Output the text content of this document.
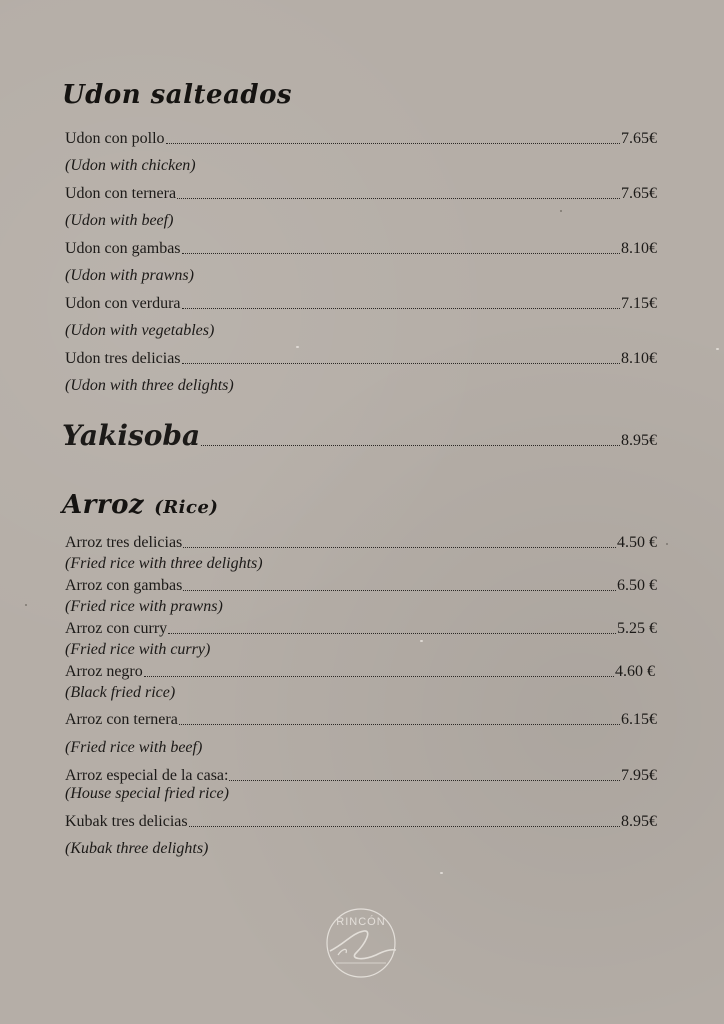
Udon salteados
Udon con pollo	7.65€
(Udon with chicken)
Udon con ternera	7.65€
(Udon with beef)
Udon con gambas	8.10€
(Udon with prawns)
Udon con verdura	7.15€
(Udon with vegetables)
Udon tres delicias	8.10€
(Udon with three delights)
Yakisoba	8.95€
Arroz (Rice)
Arroz tres delicias	4.50 €
(Fried rice with three delights)
Arroz con gambas	6.50 €
(Fried rice with prawns)
Arroz con curry	5.25 €
(Fried rice with curry)
Arroz negro	4.60 €
(Black fried rice)
Arroz con ternera	6.15€
(Fried rice with beef)
Arroz especial de la casa:	7.95€
(House special fried rice)
Kubak tres delicias	8.95€
(Kubak three delights)
RINCÓN
